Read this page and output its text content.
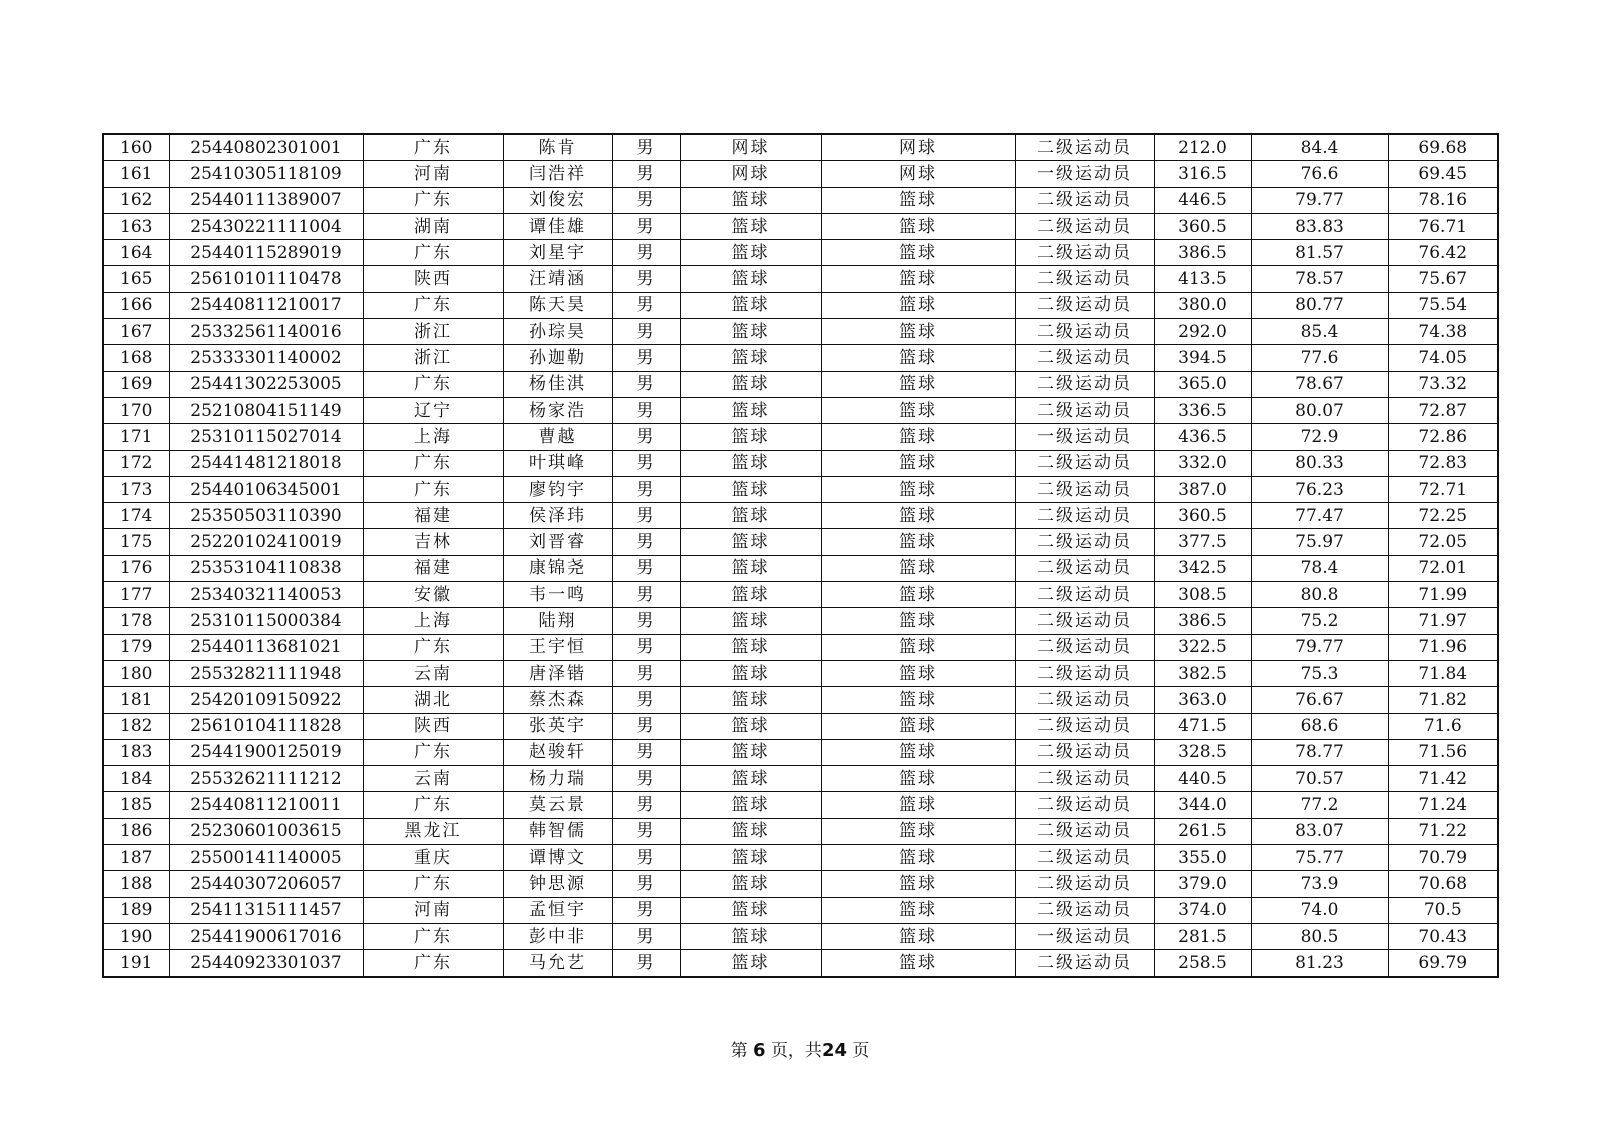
160	25440802301001	广东	陈肯	男	网球	网球	二级运动员	212.0	84.4	69.68
161	25410305118109	河南	闫浩祥	男	网球	网球	一级运动员	316.5	76.6	69.45
162	25440111389007	广东	刘俊宏	男	篮球	篮球	二级运动员	446.5	79.77	78.16
163	25430221111004	湖南	谭佳雄	男	篮球	篮球	二级运动员	360.5	83.83	76.71
164	25440115289019	广东	刘星宇	男	篮球	篮球	二级运动员	386.5	81.57	76.42
165	25610101110478	陕西	汪靖涵	男	篮球	篮球	二级运动员	413.5	78.57	75.67
166	25440811210017	广东	陈天昊	男	篮球	篮球	二级运动员	380.0	80.77	75.54
167	25332561140016	浙江	孙琮昊	男	篮球	篮球	二级运动员	292.0	85.4	74.38
168	25333301140002	浙江	孙迦勒	男	篮球	篮球	二级运动员	394.5	77.6	74.05
169	25441302253005	广东	杨佳淇	男	篮球	篮球	二级运动员	365.0	78.67	73.32
170	25210804151149	辽宁	杨家浩	男	篮球	篮球	二级运动员	336.5	80.07	72.87
171	25310115027014	上海	曹越	男	篮球	篮球	一级运动员	436.5	72.9	72.86
172	25441481218018	广东	叶琪峰	男	篮球	篮球	二级运动员	332.0	80.33	72.83
173	25440106345001	广东	廖钧宇	男	篮球	篮球	二级运动员	387.0	76.23	72.71
174	25350503110390	福建	侯泽玮	男	篮球	篮球	二级运动员	360.5	77.47	72.25
175	25220102410019	吉林	刘晋睿	男	篮球	篮球	二级运动员	377.5	75.97	72.05
176	25353104110838	福建	康锦尧	男	篮球	篮球	二级运动员	342.5	78.4	72.01
177	25340321140053	安徽	韦一鸣	男	篮球	篮球	二级运动员	308.5	80.8	71.99
178	25310115000384	上海	陆翔	男	篮球	篮球	二级运动员	386.5	75.2	71.97
179	25440113681021	广东	王宇恒	男	篮球	篮球	二级运动员	322.5	79.77	71.96
180	25532821111948	云南	唐泽锴	男	篮球	篮球	二级运动员	382.5	75.3	71.84
181	25420109150922	湖北	蔡杰森	男	篮球	篮球	二级运动员	363.0	76.67	71.82
182	25610104111828	陕西	张英宇	男	篮球	篮球	二级运动员	471.5	68.6	71.6
183	25441900125019	广东	赵骏轩	男	篮球	篮球	二级运动员	328.5	78.77	71.56
184	25532621111212	云南	杨力瑞	男	篮球	篮球	二级运动员	440.5	70.57	71.42
185	25440811210011	广东	莫云景	男	篮球	篮球	二级运动员	344.0	77.2	71.24
186	25230601003615	黑龙江	韩智儒	男	篮球	篮球	二级运动员	261.5	83.07	71.22
187	25500141140005	重庆	谭博文	男	篮球	篮球	二级运动员	355.0	75.77	70.79
188	25440307206057	广东	钟思源	男	篮球	篮球	二级运动员	379.0	73.9	70.68
189	25411315111457	河南	孟恒宇	男	篮球	篮球	二级运动员	374.0	74.0	70.5
190	25441900617016	广东	彭中非	男	篮球	篮球	一级运动员	281.5	80.5	70.43
191	25440923301037	广东	马允艺	男	篮球	篮球	二级运动员	258.5	81.23	69.79
第 6 页，共24 页
